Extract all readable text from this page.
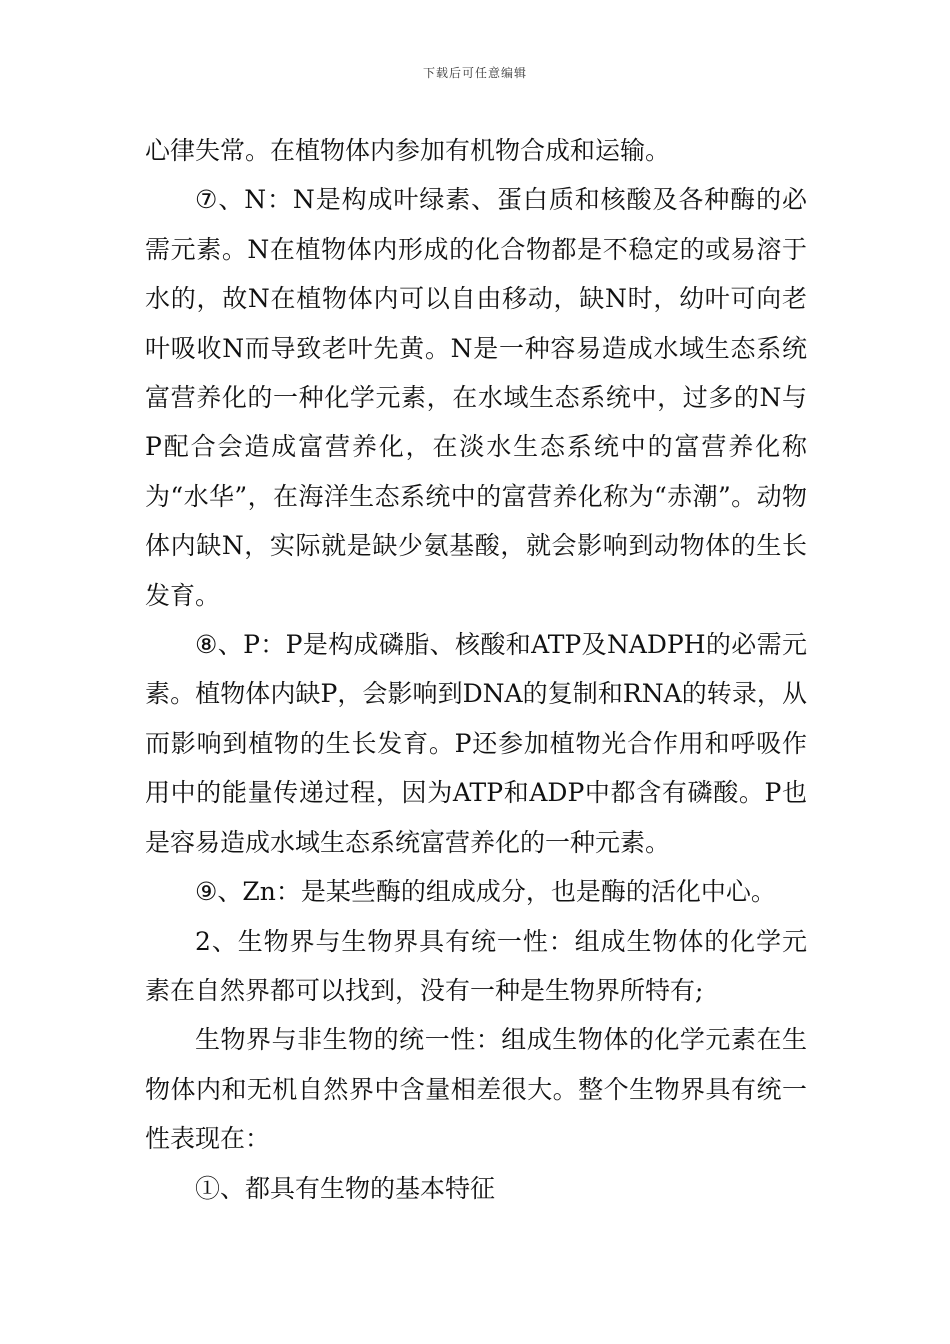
下载后可任意编辑

心律失常。在植物体内参加有机物合成和运输。

⑦、N：N是构成叶绿素、蛋白质和核酸及各种酶的必需元素。N在植物体内形成的化合物都是不稳定的或易溶于水的，故N在植物体内可以自由移动，缺N时，幼叶可向老叶吸收N而导致老叶先黄。N是一种容易造成水域生态系统富营养化的一种化学元素，在水域生态系统中，过多的N与P配合会造成富营养化，在淡水生态系统中的富营养化称为“水华”，在海洋生态系统中的富营养化称为“赤潮”。动物体内缺N，实际就是缺少氨基酸，就会影响到动物体的生长发育。

⑧、P：P是构成磷脂、核酸和ATP及NADPH的必需元素。植物体内缺P，会影响到DNA的复制和RNA的转录，从而影响到植物的生长发育。P还参加植物光合作用和呼吸作用中的能量传递过程，因为ATP和ADP中都含有磷酸。P也是容易造成水域生态系统富营养化的一种元素。

⑨、Zn：是某些酶的组成成分，也是酶的活化中心。

2、生物界与生物界具有统一性：组成生物体的化学元素在自然界都可以找到，没有一种是生物界所特有;

生物界与非生物的统一性：组成生物体的化学元素在生物体内和无机自然界中含量相差很大。整个生物界具有统一性表现在：

①、都具有生物的基本特征
